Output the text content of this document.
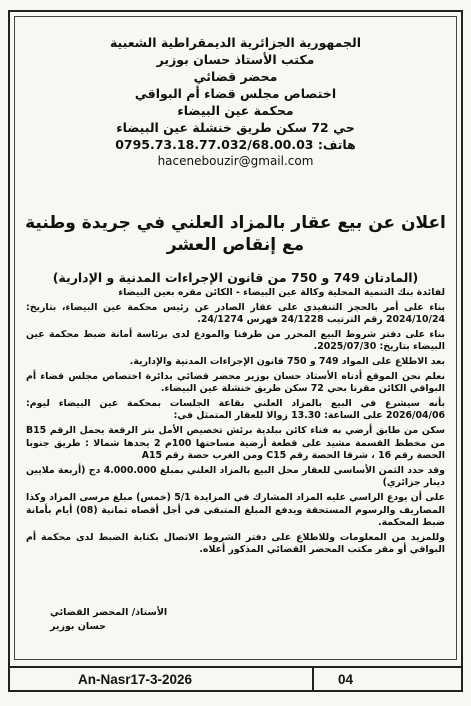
الجمهورية الجزائرية الديمقراطية الشعبية
مكتب الأستاذ حسان بوزير
محضر قضائي
اختصاص مجلس قضاء أم البواقي
محكمة عين البيضاء
حي 72 سكن طريق خنشلة عين البيضاء
هاتف: 0795.73.18.77.032/68.00.03
hacenebouzir@gmail.com
اعلان عن بيع عقار بالمزاد العلني في جريدة وطنية مع إنقاص العشر
(المادتان 749 و 750 من قانون الإجراءات المدنية و الإدارية)

لفائدة بنك التنمية المحلية وكالة عين البيضاء - الكائن مقره بعين البيضاء

بناء على أمر بالحجز التنفيذي على عقار الصادر عن رئيس محكمة عين البيضاء، بتاريخ: 2024/10/24 رقم الترتيب 24/1228 فهرس 24/1274.

بناء على دفتر شروط البيع المحرر من طرفنا والمودع لدى برئاسة أمانة ضبط محكمة عين البيضاء بتاريخ: 2025/07/30.

بعد الاطلاع على المواد 749 و 750 قانون الإجراءات المدنية والإدارية.

نعلم نحن الموقع أدناه الأستاذ حسان بوزير محضر قضائي بدائرة اختصاص مجلس قضاء أم البواقي الكائن مقرنا بحي 72 سكن طريق خنشلة عين البيضاء.

بأنه سيشرع في البيع بالمزاد العلني بقاعة الجلسات بمحكمة عين البيضاء ليوم: 2026/04/06 على الساعة: 13.30 زوالا للعقار المتمثل في:

سكن من طابق أرضي به فناء كائن ببلدية برئش تخصيص الأمل بتر الرقعة يحمل الرقم B15 من مخطط القسمة مشيد على قطعة أرضية مساحتها 100م 2 يحدها شمالا : طريق جنوبا الحصة رقم 16 ، شرقا الحصة رقم C15 ومن الغرب حصة رقم A15

وقد حدد الثمن الأساسي للعقار محل البيع بالمزاد العلني بمبلغ 4.000.000 دج (أربعة ملايين دينار جزائري)

على أن يودع الراسي عليه المزاد المشارك في المزايدة 5/1 (خمس) مبلغ مرسى المزاد وكذا المصاريف والرسوم المستحقة ويدفع المبلغ المتبقي في أجل أقصاه ثمانية (08) أيام بأمانة ضبط المحكمة.

وللمزيد من المعلومات وللاطلاع على دفتر الشروط الاتصال بكتابة الضبط لدى محكمة أم البواقي أو مقر مكتب المحضر القضائي المذكور أعلاه.

الأستاذ/ المحضر القضائي
حسان بوزير
An-Nasr17-3-2026	04
